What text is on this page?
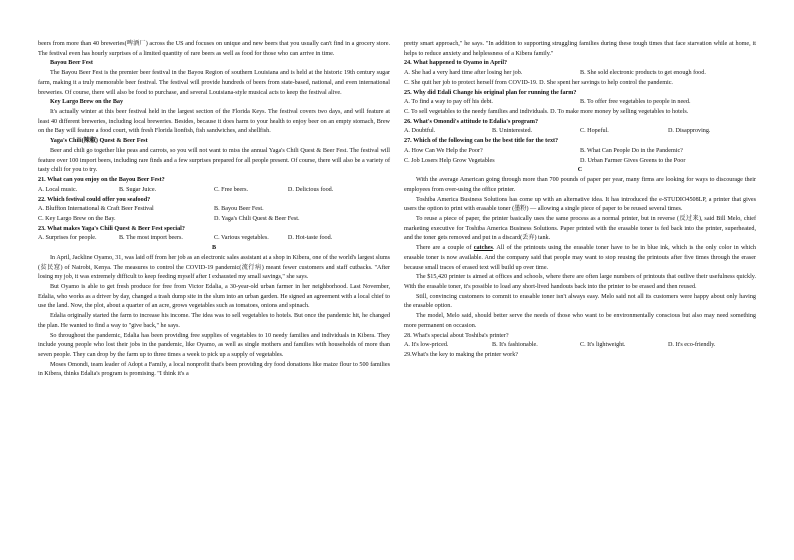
beers from more than 40 breweries(啤酒厂) across the US and focuses on unique and new beers that you usually can't find in a grocery store. The festival even has hourly surprises of a limited quantity of rare beers as well as food for those who can arrive in time.

Bayou Beer Fest

The Bayou Beer Fest is the premier beer festival in the Bayou Region of southern Louisiana and is held at the historic 19th century sugar farm, making it a truly memorable beer festival. The festival will provide hundreds of beers from state-based, national, and even international breweries. Of course, there will also be food to purchase, and several Louisiana-style musical acts to keep the festival alive.

Key Largo Brew on the Bay

It's actually winter at this beer festival held in the largest section of the Florida Keys. The festival covers two days, and will feature at least 40 different breweries, including local breweries. Besides, because it does harm to your health to enjoy beer on an empty stomach, Brew on the Bay will feature a food court, with fresh Florida lionfish, fish sandwiches, and shellfish.

Yaga's Chili(辣椒) Quest & Beer Fest

Beer and chili go together like peas and carrots, so you will not want to miss the annual Yaga's Chili Quest & Beer Fest. The festival will feature over 100 import beers, including rare finds and a few surprises prepared for all people present. Of course, there will also be a variety of tasty chili for you to try.

21. What can you enjoy on the Bayou Beer Fest?

A. Local music.	B. Sugar Juice.	C. Free beers.	D. Delicious food.

22. Which festival could offer you seafood?

A. Bluffton International & Craft Beer Festival	B. Bayou Beer Fest.
C. Key Largo Brew on the Bay.	D. Yaga's Chili Quest & Beer Fest.

23. What makes Yaga's Chili Quest & Beer Fest special?

A. Surprises for people.	B. The most import beers.	C. Various vegetables.	D. Hot-taste food.

B

In April, Jackline Oyamo, 31, was laid off from her job as an electronic sales assistant at a shop in Kibera, one of the world's largest slums (贫民窟) of Nairobi, Kenya. The measures to control the COVID-19 pandemic(流行病) meant fewer customers and staff cutbacks. "After losing my job, it was extremely difficult to keep feeding myself after I exhausted my small savings," she says.

But Oyamo is able to get fresh produce for free from Victor Edalia, a 30-year-old urban farmer in her neighborhood. Last November, Edalia, who works as a driver by day, changed a trash dump site in the slum into an urban garden. He signed an agreement with a local chief to use the land. Now, the plot, about a quarter of an acre, grows vegetables such as tomatoes, onions and spinach.

Edalia originally started the farm to increase his income. The idea was to sell vegetables to hotels. But once the pandemic hit, he changed the plan. He wanted to find a way to "give back," he says.

So throughout the pandemic, Edalia has been providing free supplies of vegetables to 10 needy families and individuals in Kibera. They include young people who lost their jobs in the pandemic, like Oyamo, as well as single mothers and families with households of more than seven people. They can drop by the farm up to three times a week to pick up a supply of vegetables.

Moses Omondi, team leader of Adopt a Family, a local nonprofit that's been providing dry food donations like maize flour to 500 families in Kibera, thinks Edalia's program is promising. "I think it's a

pretty smart approach," he says. "In addition to supporting struggling families during these tough times that face starvation while at home, it helps to reduce anxiety and helplessness of a Kibera family."

24. What happened to Oyamo in April?

A. She had a very hard time after losing her job.	B. She sold electronic products to get enough food.

C. She quit her job to protect herself from COVID-19. D. She spent her savings to help control the pandemic.

25. Why did Edali Change his original plan for running the farm?

A. To find a way to pay off his debt.	B. To offer free vegetables to people in need.

C. To sell vegetables to the needy families and individuals. D. To make more money by selling vegetables to hotels.

26. What's Omondi's attitude to Edalia's program?

A. Doubtful.	B. Uninterested.	C. Hopeful.	D. Disapproving.

27. Which of the following can be the best title for the text?

A. How Can We Help the Poor?	B. What Can People Do in the Pandemic?
C. Job Losers Help Grow Vegetables	D. Urban Farmer Gives Greens to the Poor

C

With the average American going through more than 700 pounds of paper per year, many firms are looking for ways to discourage their employees from over-using the office printer.

Toshiba America Business Solutions has come up with an alternative idea. It has introduced the e-STUDIO4508LP, a printer that gives users the option to print with erasable toner (墨粉) — allowing a single piece of paper to be reused several times.

To reuse a piece of paper, the printer basically uses the same process as a normal printer, but in reverse (反过来), said Bill Melo, chief marketing executive for Toshiba America Business Solutions. Paper printed with the erasable toner is fed back into the printer, superheated, and the toner gets removed and put in a discard(丢弃) tank.

There are a couple of catches. All of the printouts using the erasable toner have to be in blue ink, which is the only color in which erasable toner is now available. And the company said that people may want to stop reusing the printouts after five times through the eraser because small traces of erased text will build up over time.

The $15,420 printer is aimed at offices and schools, where there are often large numbers of printouts that outlive their usefulness quickly. With the erasable toner, it's possible to load any short-lived handouts back into the printer to be erased and then reused.

Still, convincing customers to commit to erasable toner isn't always easy. Melo said not all its customers were happy about only having the erasable option.

The model, Melo said, should better serve the needs of those who want to be environmentally conscious but also may need something more permanent on occasion.

28. What's special about Toshiba's printer?

A. It's low-priced.	B. It's fashionable.	C. It's lightweight.	D. It's eco-friendly.

29.What's the key to making the printer work?
